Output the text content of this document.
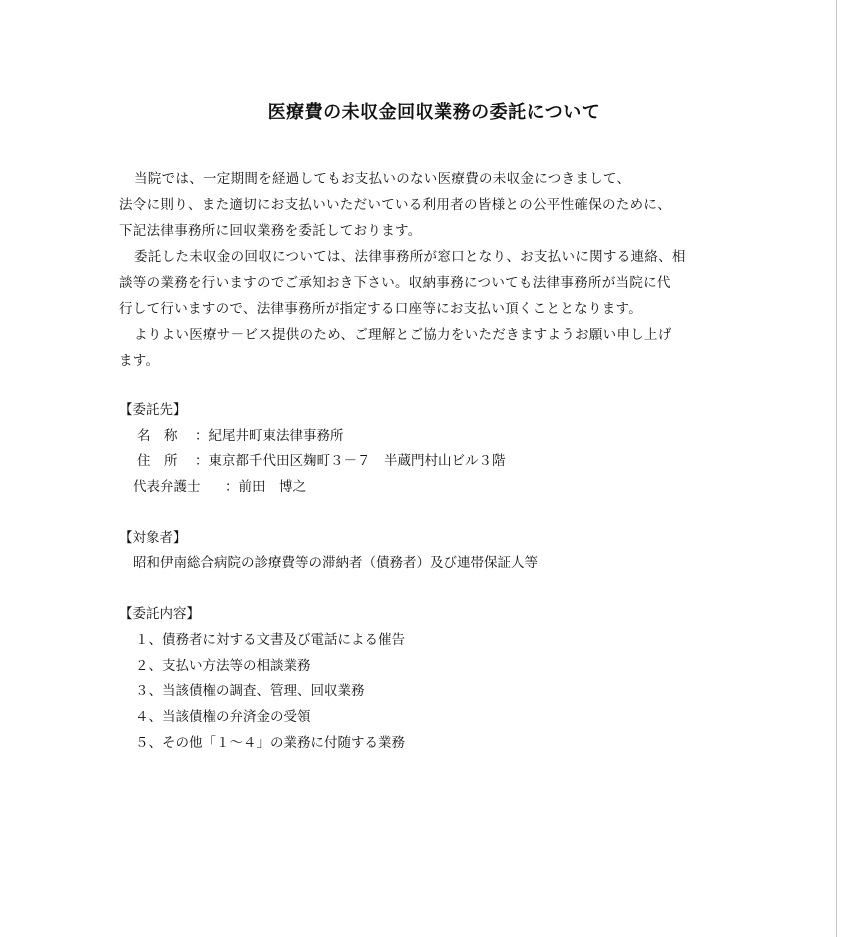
医療費の未収金回収業務の委託について
当院では、一定期間を経過してもお支払いのない医療費の未収金につきまして、
法令に則り、また適切にお支払いいただいている利用者の皆様との公平性確保のために、
下記法律事務所に回収業務を委託しております。
委託した未収金の回収については、法律事務所が窓口となり、お支払いに関する連絡、相
談等の業務を行いますのでご承知おき下さい。収納事務についても法律事務所が当院に代
行して行いますので、法律事務所が指定する口座等にお支払い頂くこととなります。
よりよい医療サ－ビス提供のため、ご理解とご協力をいただきますようお願い申し上げ
ます。
【委託先】
名　称 ：紀尾井町東法律事務所
住　所 ：東京都千代田区麹町３－７　半蔵門村山ビル３階
代表弁護士 ：前田　博之
【対象者】
昭和伊南総合病院の診療費等の滞納者（債務者）及び連帯保証人等
【委託内容】
１、債務者に対する文書及び電話による催告
２、支払い方法等の相談業務
３、当該債権の調査、管理、回収業務
４、当該債権の弁済金の受領
５、その他「１～４」の業務に付随する業務
